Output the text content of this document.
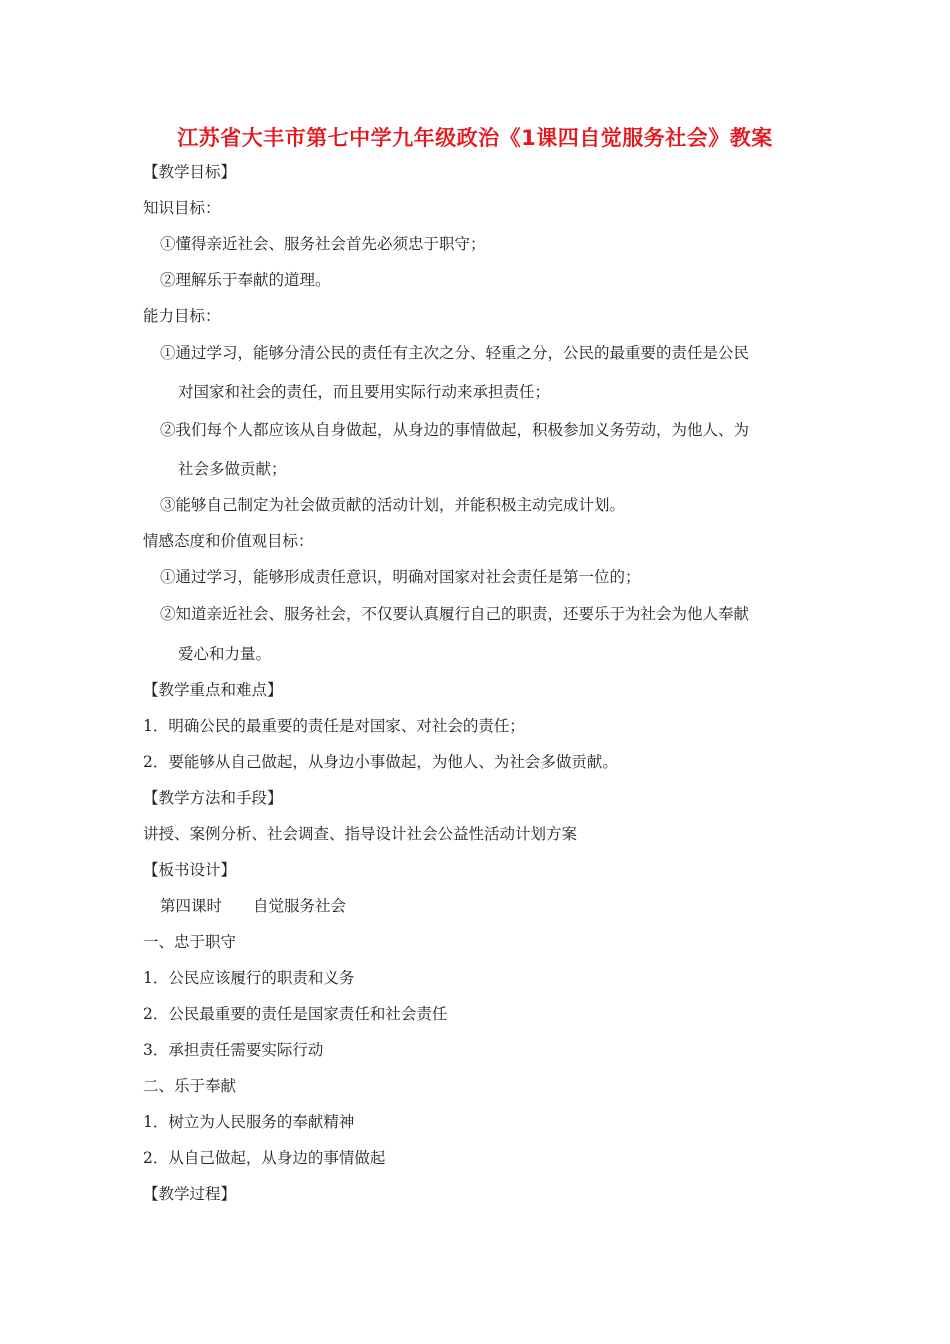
江苏省大丰市第七中学九年级政治《1课四自觉服务社会》教案
【教学目标】
知识目标：
①懂得亲近社会、服务社会首先必须忠于职守；
②理解乐于奉献的道理。
能力目标：
①通过学习，能够分清公民的责任有主次之分、轻重之分，公民的最重要的责任是公民
对国家和社会的责任，而且要用实际行动来承担责任；
②我们每个人都应该从自身做起，从身边的事情做起，积极参加义务劳动，为他人、为
社会多做贡献；
③能够自己制定为社会做贡献的活动计划，并能积极主动完成计划。
情感态度和价值观目标：
①通过学习，能够形成责任意识，明确对国家对社会责任是第一位的；
②知道亲近社会、服务社会，不仅要认真履行自己的职责，还要乐于为社会为他人奉献
爱心和力量。
【教学重点和难点】
1．明确公民的最重要的责任是对国家、对社会的责任；
2．要能够从自己做起，从身边小事做起，为他人、为社会多做贡献。
【教学方法和手段】
讲授、案例分析、社会调查、指导设计社会公益性活动计划方案
【板书设计】
第四课时　　自觉服务社会
一、忠于职守
1．公民应该履行的职责和义务
2．公民最重要的责任是国家责任和社会责任
3．承担责任需要实际行动
二、乐于奉献
1．树立为人民服务的奉献精神
2．从自己做起，从身边的事情做起
【教学过程】
